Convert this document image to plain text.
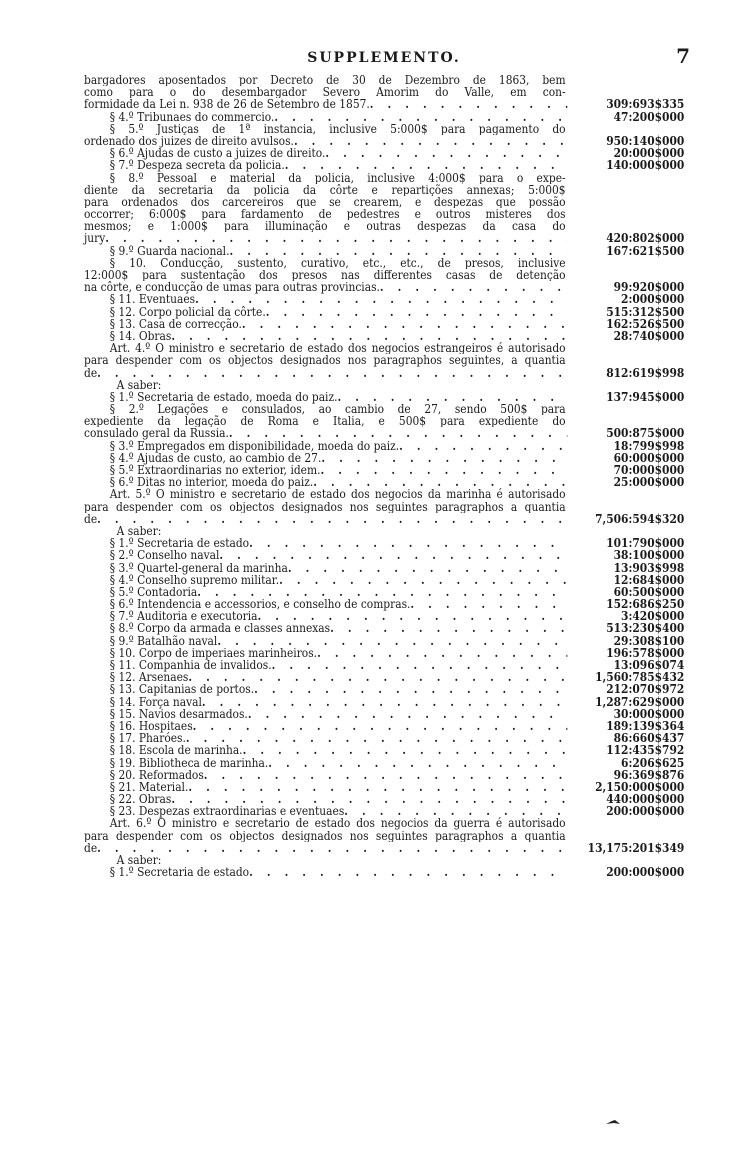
SUPPLEMENTO.	7
bargadores aposentados por Decreto de 30 de Dezembro de 1863, bem
como para o do desembargador Severo Amorim do Valle, em con-
formidade da Lei n. 938 de 26 de Setembro de 1857. . . .	309:693$335
§ 4.º Tribunaes do commercio. . . .	47:200$000
§ 5.º Justiças de 1ª instancia, inclusive 5:000$ para pagamento do
ordenado dos juizes de direito avulsos. . . .	950:140$000
§ 6.º Ajudas de custo a juizes de direito. . . .	20:000$000
§ 7.º Despeza secreta da policia. . . .	140:000$000
§ 8.º Pessoal e material da policia, inclusive 4:000$ para o expe-
diente da secretaria da policia da côrte e repartições annexas; 5:000$
para ordenados dos carcereiros que se crearem, e despezas que possão
occorrer; 6:000$ para fardamento de pedestres e outros misteres dos
mesmos; e 1:000$ para illuminação e outras despezas da casa do
jury . . .	420:802$000
§ 9.º Guarda nacional. . . .	167:621$500
§ 10. Conducção, sustento, curativo, etc., etc., de presos, inclusive
12:000$ para sustentação dos presos nas differentes casas de detenção
na côrte, e conducção de umas para outras provincias. . . .	99:920$000
§ 11. Eventuaes . . .	2:000$000
§ 12. Corpo policial da côrte. . . .	515:312$500
§ 13. Casa de correcção. . . .	162:526$500
§ 14. Obras . . .	28:740$000
Art. 4.º O ministro e secretario de estado dos negocios estrangeiros é autorisado
para despender com os objectos designados nos paragraphos seguintes, a quantia
de . . .	812:619$998
A saber:
§ 1.º Secretaria de estado, moeda do paiz. . . .	137:945$000
§ 2.º Legações e consulados, ao cambio de 27, sendo 500$ para
expediente da legação de Roma e Italia, e 500$ para expediente do
consulado geral da Russia. . . .	500:875$000
§ 3.º Empregados em disponibilidade, moeda do paiz. . . .	18:799$998
§ 4.º Ajudas de custo, ao cambio de 27. . . .	60:000$000
§ 5.º Extraordinarias no exterior, idem. . . .	70:000$000
§ 6.º Ditas no interior, moeda do paiz. . . .	25:000$000
Art. 5.º O ministro e secretario de estado dos negocios da marinha é autorisado
para despender com os objectos designados nos seguintes paragraphos a quantia
de . . .	7,506:594$320
A saber:
§ 1.º Secretaria de estado . . .	101:790$000
§ 2.º Conselho naval . . .	38:100$000
§ 3.º Quartel-general da marinha . . .	13:903$998
§ 4.º Conselho supremo militar. . . .	12:684$000
§ 5.º Contadoria . . .	60:500$000
§ 6.º Intendencia e accessorios, e conselho de compras. . . .	152:686$250
§ 7.º Auditoria e executoria . . .	3:420$000
§ 8.º Corpo da armada e classes annexas . . .	513:230$400
§ 9.º Batalhão naval . . .	29:308$100
§ 10. Corpo de imperiaes marinheiros. . . .	196:578$000
§ 11. Companhia de invalidos. . . .	13:096$074
§ 12. Arsenaes . . .	1,560:785$432
§ 13. Capitanias de portos. . . .	212:070$972
§ 14. Força naval . . .	1,287:629$000
§ 15. Navios desarmados. . . .	30:000$000
§ 16. Hospitaes . . .	189:139$364
§ 17. Pharóes. . . .	86:660$437
§ 18. Escola de marinha. . . .	112:435$792
§ 19. Bibliotheca de marinha. . . .	6:206$625
§ 20. Reformados . . .	96:369$876
§ 21. Material. . . .	2,150:000$000
§ 22. Obras . . .	440:000$000
§ 23. Despezas extraordinarias e eventuaes . . .	200:000$000
Art. 6.º O ministro e secretario de estado dos negocios da guerra é autorisado
para despender com os objectos designados nos seguintes paragraphos a quantia
de . . .	13,175:201$349
A saber:
§ 1.º Secretaria de estado . . .	200:000$000
